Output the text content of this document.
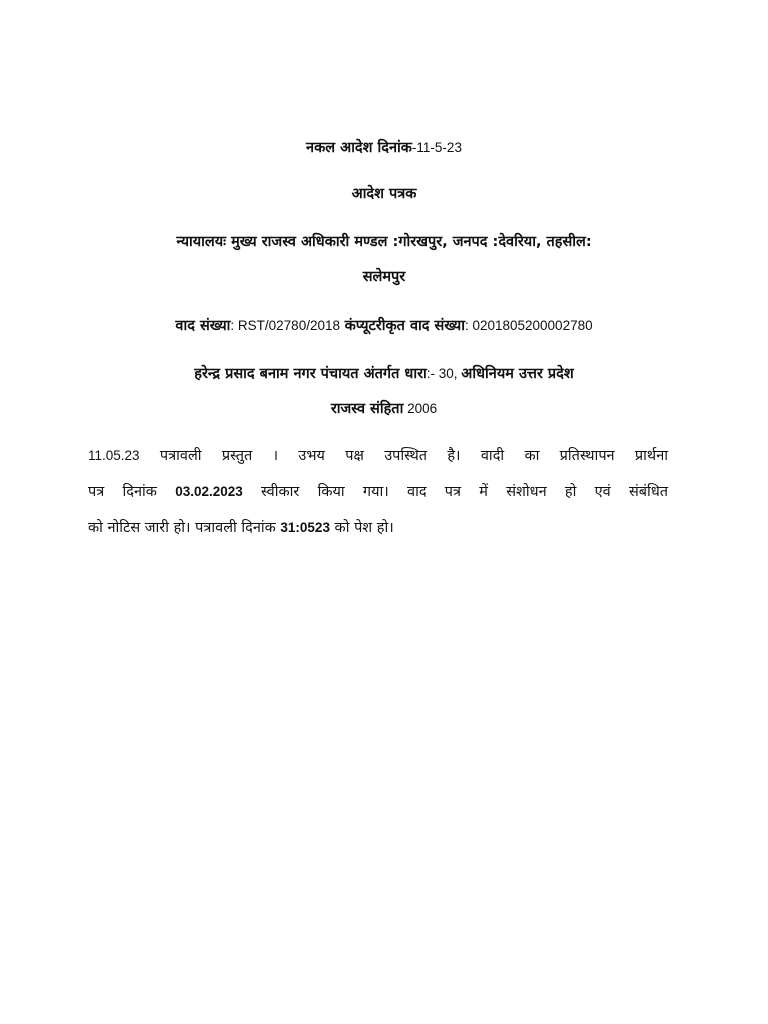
नकल आदेश दिनांक-11-5-23
आदेश पत्रक
न्यायालयः मुख्य राजस्व अधिकारी मण्डल :गोरखपुर, जनपद :देवरिया, तहसील:
सलेमपुर
वाद संख्या: RST/02780/2018 कंप्यूटरीकृत वाद संख्या: 0201805200002780
हरेन्द्र प्रसाद बनाम नगर पंचायत अंतर्गत धारा:- 30, अधिनियम उत्तर प्रदेश
राजस्व संहिता 2006
11.05.23 पत्रावली प्रस्तुत । उभय पक्ष उपस्थित है। वादी का प्रतिस्थापन प्रार्थना
पत्र दिनांक 03.02.2023 स्वीकार किया गया। वाद पत्र में संशोधन हो एवं संबंधित
को नोटिस जारी हो। पत्रावली दिनांक 31:0523 को पेश हो।
